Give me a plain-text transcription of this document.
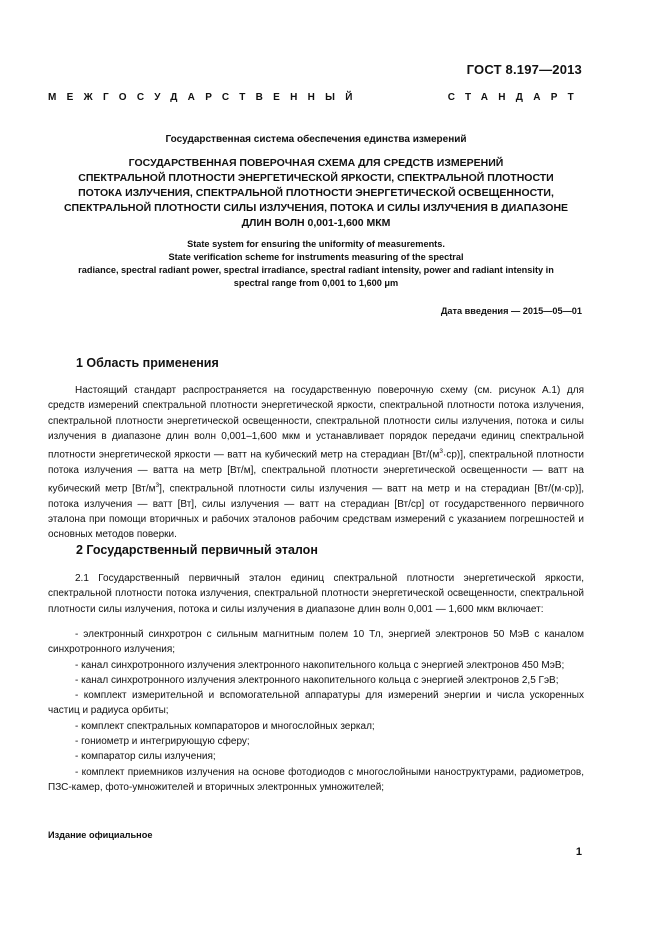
ГОСТ 8.197—2013
МЕЖГОСУДАРСТВЕННЫЙ	СТАНДАРТ
Государственная система обеспечения единства измерений
ГОСУДАРСТВЕННАЯ ПОВЕРОЧНАЯ СХЕМА ДЛЯ СРЕДСТВ ИЗМЕРЕНИЙ
СПЕКТРАЛЬНОЙ ПЛОТНОСТИ ЭНЕРГЕТИЧЕСКОЙ ЯРКОСТИ, СПЕКТРАЛЬНОЙ ПЛОТНОСТИ
ПОТОКА ИЗЛУЧЕНИЯ, СПЕКТРАЛЬНОЙ ПЛОТНОСТИ ЭНЕРГЕТИЧЕСКОЙ ОСВЕЩЕННОСТИ,
СПЕКТРАЛЬНОЙ ПЛОТНОСТИ СИЛЫ ИЗЛУЧЕНИЯ, ПОТОКА И СИЛЫ ИЗЛУЧЕНИЯ В ДИАПАЗОНЕ
ДЛИН ВОЛН 0,001-1,600 МКМ
State system for ensuring the uniformity of measurements.
State verification scheme for instruments measuring of the spectral
radiance, spectral radiant power, spectral irradiance, spectral radiant intensity, power and radiant intensity in
spectral range from 0,001 to 1,600 μm
Дата введения — 2015—05—01
1 Область применения
Настоящий стандарт распространяется на государственную поверочную схему (см. рисунок А.1) для средств измерений спектральной плотности энергетической яркости, спектральной плотности потока излучения, спектральной плотности энергетической освещенности, спектральной плотности силы излучения, потока и силы излучения в диапазоне длин волн 0,001–1,600 мкм и устанавливает порядок передачи единиц спектральной плотности энергетической яркости — ватт на кубический метр на стерадиан $[Вт/(м^3\cdot ср)]$, спектральной плотности потока излучения — ватта на метр [Вт/м], спектральной плотности энергетической освещенности — ватт на кубический метр $[Вт/м^3]$, спектральной плотности силы излучения — ватт на метр и на стерадиан [Вт/(м·ср)], потока излучения — ватт [Вт], силы излучения — ватт на стерадиан [Вт/ср] от государственного первичного эталона при помощи вторичных и рабочих эталонов рабочим средствам измерений с указанием погрешностей и основных методов поверки.
2 Государственный первичный эталон
2.1 Государственный первичный эталон единиц спектральной плотности энергетической яркости, спектральной плотности потока излучения, спектральной плотности энергетической освещенности, спектральной плотности силы излучения, потока и силы излучения в диапазоне длин волн 0,001 — 1,600 мкм включает:
- электронный синхротрон с сильным магнитным полем 10 Тл, энергией электронов 50 МэВ с каналом синхротронного излучения;
- канал синхротронного излучения электронного накопительного кольца с энергией электронов 450 МэВ;
- канал синхротронного излучения электронного накопительного кольца с энергией электронов 2,5 ГэВ;
- комплект измерительной и вспомогательной аппаратуры для измерений энергии и числа ускоренных частиц и радиуса орбиты;
- комплект спектральных компараторов и многослойных зеркал;
- гониометр и интегрирующую сферу;
- компаратор силы излучения;
- комплект приемников излучения на основе фотодиодов с многослойными наноструктурами, радиометров, ПЗС-камер, фото-умножителей и вторичных электронных умножителей;
Издание официальное
1
